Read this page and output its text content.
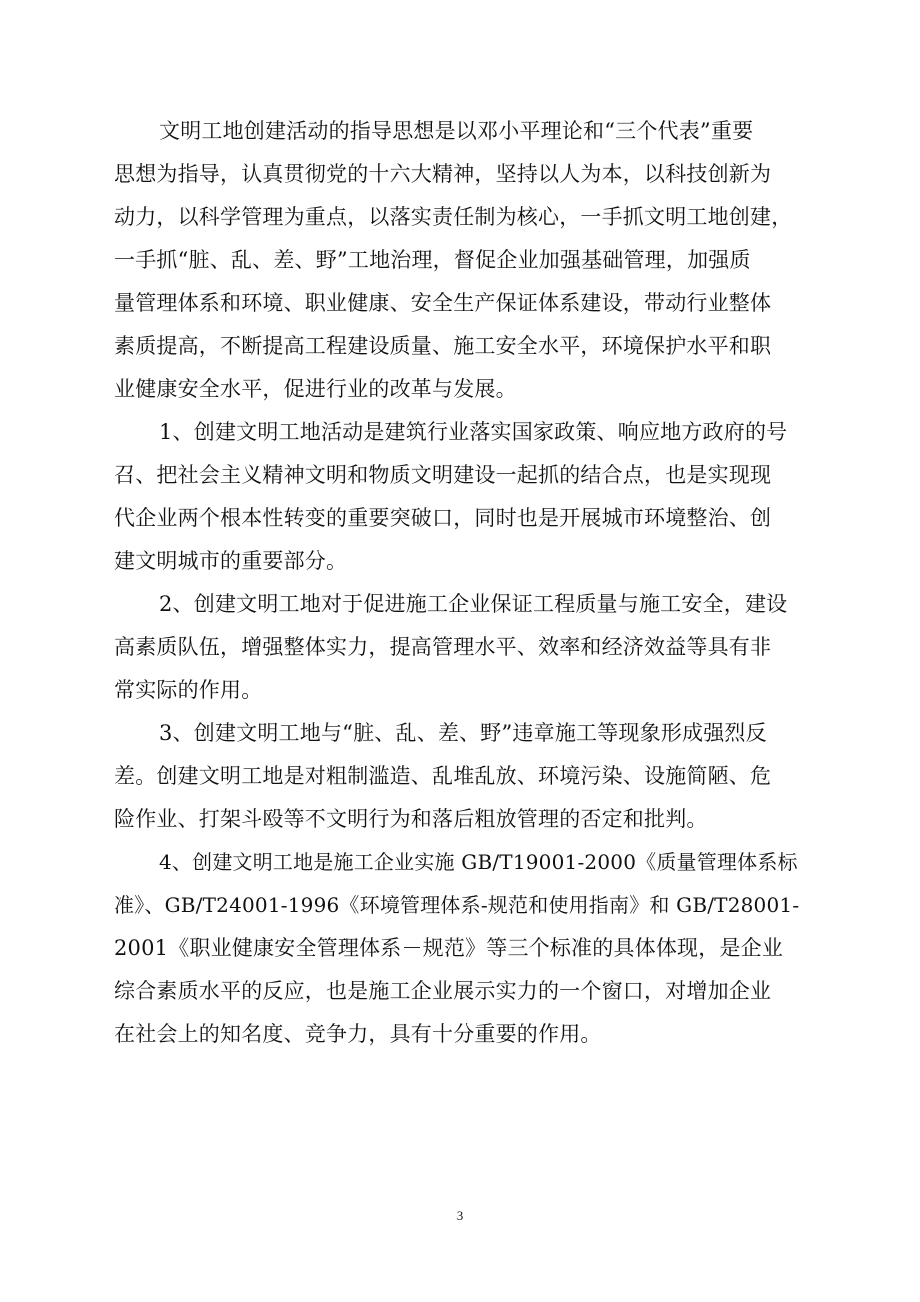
文明工地创建活动的指导思想是以邓小平理论和“三个代表”重要

思想为指导，认真贯彻党的十六大精神，坚持以人为本，以科技创新为

动力，以科学管理为重点，以落实责任制为核心，一手抓文明工地创建，

一手抓“脏、乱、差、野”工地治理，督促企业加强基础管理，加强质

量管理体系和环境、职业健康、安全生产保证体系建设，带动行业整体

素质提高，不断提高工程建设质量、施工安全水平，环境保护水平和职

业健康安全水平，促进行业的改革与发展。

1、创建文明工地活动是建筑行业落实国家政策、响应地方政府的号

召、把社会主义精神文明和物质文明建设一起抓的结合点，也是实现现

代企业两个根本性转变的重要突破口，同时也是开展城市环境整治、创

建文明城市的重要部分。

2、创建文明工地对于促进施工企业保证工程质量与施工安全，建设

高素质队伍，增强整体实力，提高管理水平、效率和经济效益等具有非

常实际的作用。

3、创建文明工地与“脏、乱、差、野”违章施工等现象形成强烈反

差。创建文明工地是对粗制滥造、乱堆乱放、环境污染、设施简陋、危

险作业、打架斗殴等不文明行为和落后粗放管理的否定和批判。

4、创建文明工地是施工企业实施 GB/T19001-2000《质量管理体系标

准》、GB/T24001-1996《环境管理体系-规范和使用指南》和 GB/T28001-

2001《职业健康安全管理体系－规范》等三个标准的具体体现，是企业

综合素质水平的反应，也是施工企业展示实力的一个窗口，对增加企业

在社会上的知名度、竞争力，具有十分重要的作用。

3
